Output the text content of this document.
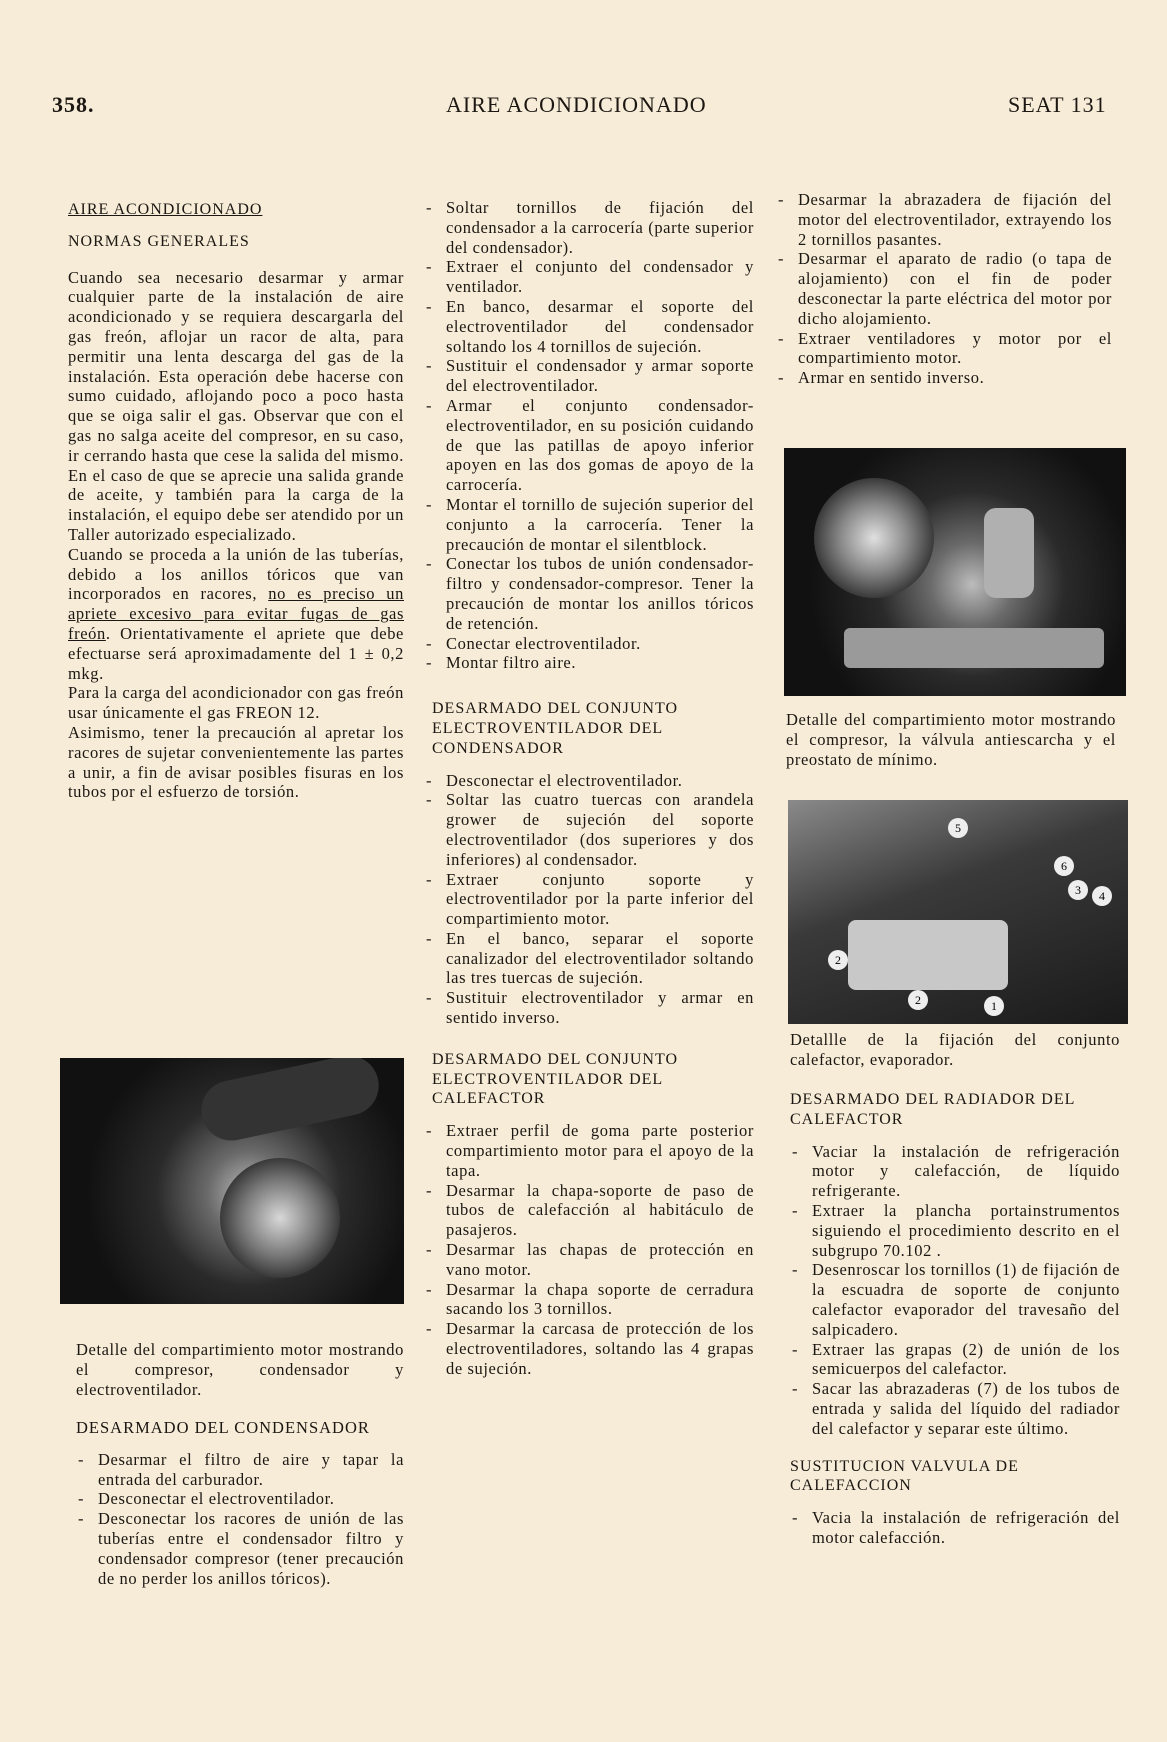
358.	AIRE ACONDICIONADO	SEAT 131
AIRE ACONDICIONADO
NORMAS GENERALES

Cuando sea necesario desarmar y armar cualquier parte de la instalación de aire acondicionado y se requiera descargarla del gas freón, aflojar un racor de alta, para permitir una lenta descarga del gas de la instalación. Esta operación debe hacerse con sumo cuidado, aflojando poco a poco hasta que se oiga salir el gas. Observar que con el gas no salga aceite del compresor, en su caso, ir cerrando hasta que cese la salida del mismo. En el caso de que se aprecie una salida grande de aceite, y también para la carga de la instalación, el equipo debe ser atendido por un Taller autorizado especializado.

Cuando se proceda a la unión de las tuberías, debido a los anillos tóricos que van incorporados en racores, no es preciso un apriete excesivo para evitar fugas de gas freón. Orientativamente el apriete que debe efectuarse será aproximadamente del 1 ± 0,2 mkg.

Para la carga del acondicionador con gas freón usar únicamente el gas FREON 12.

Asimismo, tener la precaución al apretar los racores de sujetar convenientemente las partes a unir, a fin de avisar posibles fisuras en los tubos por el esfuerzo de torsión.

Detalle del compartimiento motor mostrando el compresor, condensador y electroventilador.
DESARMADO DEL CONDENSADOR
- Desarmar el filtro de aire y tapar la entrada del carburador.
- Desconectar el electroventilador.
- Desconectar los racores de unión de las tuberías entre el condensador filtro y condensador compresor (tener precaución de no perder los anillos tóricos).
- Soltar tornillos de fijación del condensador a la carrocería (parte superior del condensador).
- Extraer el conjunto del condensador y ventilador.
- En banco, desarmar el soporte del electroventilador del condensador soltando los 4 tornillos de sujeción.
- Sustituir el condensador y armar soporte del electroventilador.
- Armar el conjunto condensador-electroventilador, en su posición cuidando de que las patillas de apoyo inferior apoyen en las dos gomas de apoyo de la carrocería.
- Montar el tornillo de sujeción superior del conjunto a la carrocería. Tener la precaución de montar el silentblock.
- Conectar los tubos de unión condensador-filtro y condensador-compresor. Tener la precaución de montar los anillos tóricos de retención.
- Conectar electroventilador.
- Montar filtro aire.
DESARMADO DEL CONJUNTO ELECTROVENTILADOR DEL CONDENSADOR
- Desconectar el electroventilador.
- Soltar las cuatro tuercas con arandela grower de sujeción del soporte electroventilador (dos superiores y dos inferiores) al condensador.
- Extraer conjunto soporte y electroventilador por la parte inferior del compartimiento motor.
- En el banco, separar el soporte canalizador del electroventilador soltando las tres tuercas de sujeción.
- Sustituir electroventilador y armar en sentido inverso.
DESARMADO DEL CONJUNTO ELECTROVENTILADOR DEL CALEFACTOR
- Extraer perfil de goma parte posterior compartimiento motor para el apoyo de la tapa.
- Desarmar la chapa-soporte de paso de tubos de calefacción al habitáculo de pasajeros.
- Desarmar las chapas de protección en vano motor.
- Desarmar la chapa soporte de cerradura sacando los 3 tornillos.
- Desarmar la carcasa de protección de los electroventiladores, soltando las 4 grapas de sujeción.
- Desarmar la abrazadera de fijación del motor del electroventilador, extrayendo los 2 tornillos pasantes.
- Desarmar el aparato de radio (o tapa de alojamiento) con el fin de poder desconectar la parte eléctrica del motor por dicho alojamiento.
- Extraer ventiladores y motor por el compartimiento motor.
- Armar en sentido inverso.
Detalle del compartimiento motor mostrando el compresor, la válvula antiescarcha y el preostato de mínimo.
5
6
3	4
2
2	1
Detallle de la fijación del conjunto calefactor, evaporador.
DESARMADO DEL RADIADOR DEL CALEFACTOR
- Vaciar la instalación de refrigeración motor y calefacción, de líquido refrigerante.
- Extraer la plancha portainstrumentos siguiendo el procedimiento descrito en el subgrupo 70.102 .
- Desenroscar los tornillos (1) de fijación de la escuadra de soporte de conjunto calefactor evaporador del travesaño del salpicadero.
- Extraer las grapas (2) de unión de los semicuerpos del calefactor.
- Sacar las abrazaderas (7) de los tubos de entrada y salida del líquido del radiador del calefactor y separar este último.
SUSTITUCION VALVULA DE CALEFACCION
- Vacia la instalación de refrigeración del motor calefacción.
